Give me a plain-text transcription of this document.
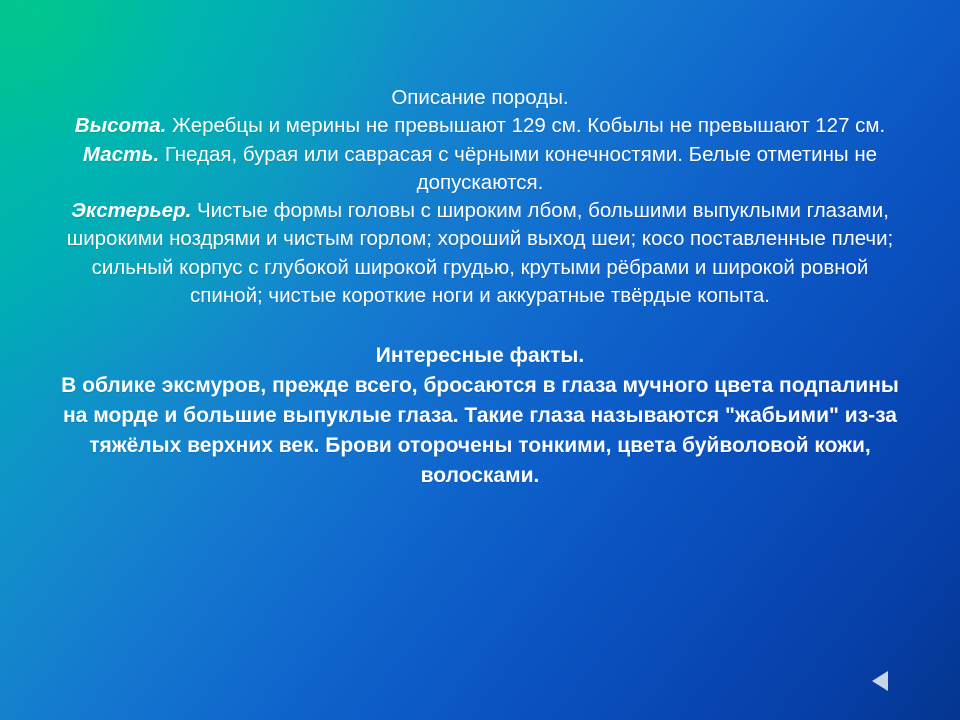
Описание породы.

Высота. Жеребцы и мерины не превышают 129 см. Кобылы не превышают 127 см.

Масть. Гнедая, бурая или саврасая с чёрными конечностями. Белые отметины не допускаются.

Экстерьер. Чистые формы головы с широким лбом, большими выпуклыми глазами, широкими ноздрями и чистым горлом; хороший выход шеи; косо поставленные плечи; сильный корпус с глубокой широкой грудью, крутыми рёбрами и широкой ровной спиной; чистые короткие ноги и аккуратные твёрдые копыта.

Интересные факты.

В облике эксмуров, прежде всего, бросаются в глаза мучного цвета подпалины на морде и большие выпуклые глаза. Такие глаза называются "жабьими" из-за тяжёлых верхних век. Брови оторочены тонкими, цвета буйволовой кожи, волосками.
